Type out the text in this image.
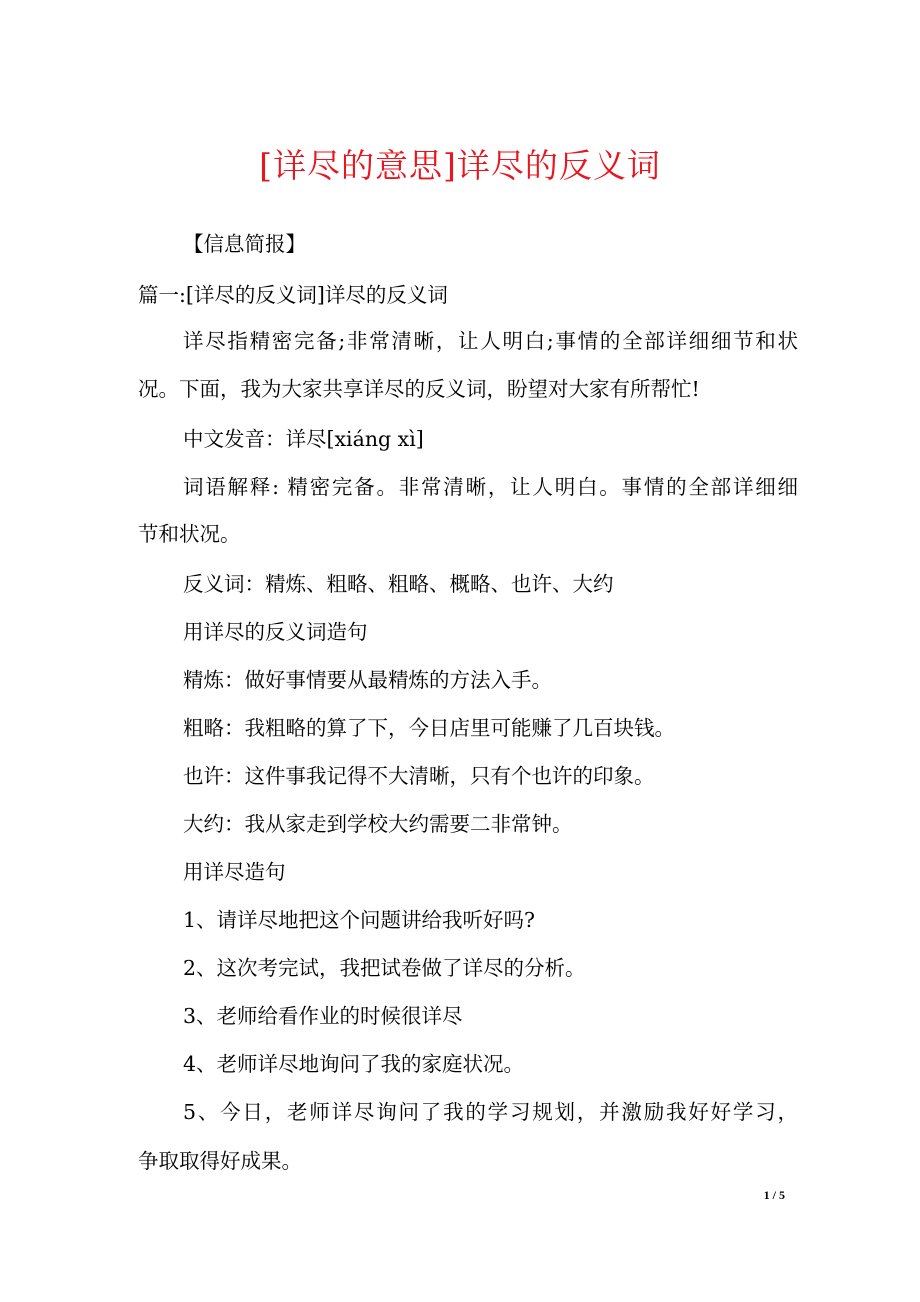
[详尽的意思]详尽的反义词
【信息简报】
篇一:[详尽的反义词]详尽的反义词
详尽指精密完备;非常清晰，让人明白;事情的全部详细细节和状
况。下面，我为大家共享详尽的反义词，盼望对大家有所帮忙!
中文发音：详尽[xiáng xì]
词语解释: 精密完备。非常清晰，让人明白。事情的全部详细细
节和状况。
反义词：精炼、粗略、粗略、概略、也许、大约
用详尽的反义词造句
精炼：做好事情要从最精炼的方法入手。
粗略：我粗略的算了下，今日店里可能赚了几百块钱。
也许：这件事我记得不大清晰，只有个也许的印象。
大约：我从家走到学校大约需要二非常钟。
用详尽造句
1、请详尽地把这个问题讲给我听好吗?
2、这次考完试，我把试卷做了详尽的分析。
3、老师给看作业的时候很详尽
4、老师详尽地询问了我的家庭状况。
5、今日，老师详尽询问了我的学习规划，并激励我好好学习，
争取取得好成果。
1 / 5
